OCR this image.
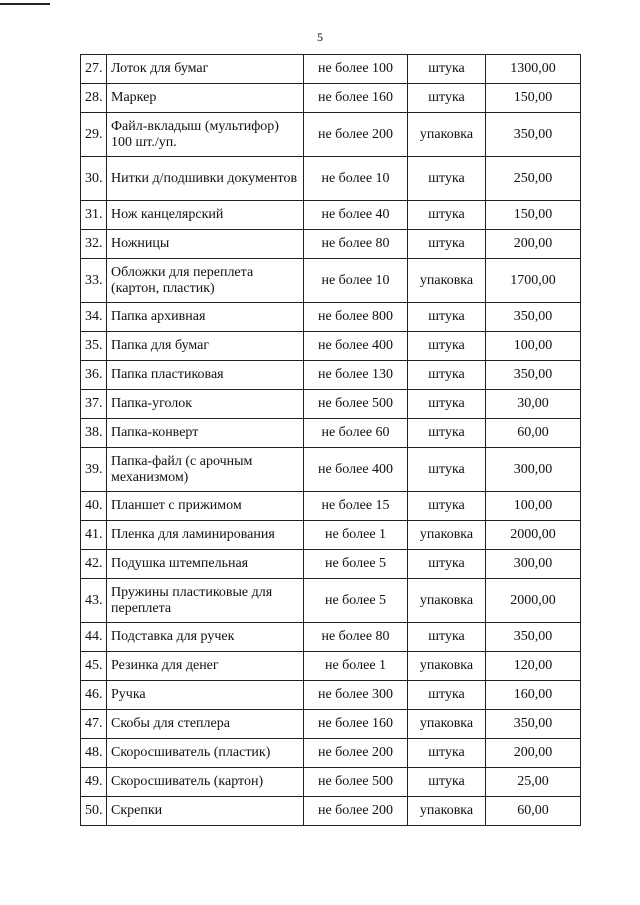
5
27.	Лоток для бумаг	не более 100	штука	1300,00
28.	Маркер	не более 160	штука	150,00
29.	Файл-вкладыш (мультифор) 100 шт./уп.	не более 200	упаковка	350,00
30.	Нитки д/подшивки документов	не более 10	штука	250,00
31.	Нож канцелярский	не более 40	штука	150,00
32.	Ножницы	не более 80	штука	200,00
33.	Обложки для переплета (картон, пластик)	не более 10	упаковка	1700,00
34.	Папка архивная	не более 800	штука	350,00
35.	Папка для бумаг	не более 400	штука	100,00
36.	Папка пластиковая	не более 130	штука	350,00
37.	Папка-уголок	не более 500	штука	30,00
38.	Папка-конверт	не более 60	штука	60,00
39.	Папка-файл (с арочным механизмом)	не более 400	штука	300,00
40.	Планшет с прижимом	не более 15	штука	100,00
41.	Пленка для ламинирования	не более 1	упаковка	2000,00
42.	Подушка штемпельная	не более 5	штука	300,00
43.	Пружины пластиковые для переплета	не более 5	упаковка	2000,00
44.	Подставка для ручек	не более 80	штука	350,00
45.	Резинка для денег	не более 1	упаковка	120,00
46.	Ручка	не более 300	штука	160,00
47.	Скобы для степлера	не более 160	упаковка	350,00
48.	Скоросшиватель (пластик)	не более 200	штука	200,00
49.	Скоросшиватель (картон)	не более 500	штука	25,00
50.	Скрепки	не более 200	упаковка	60,00
